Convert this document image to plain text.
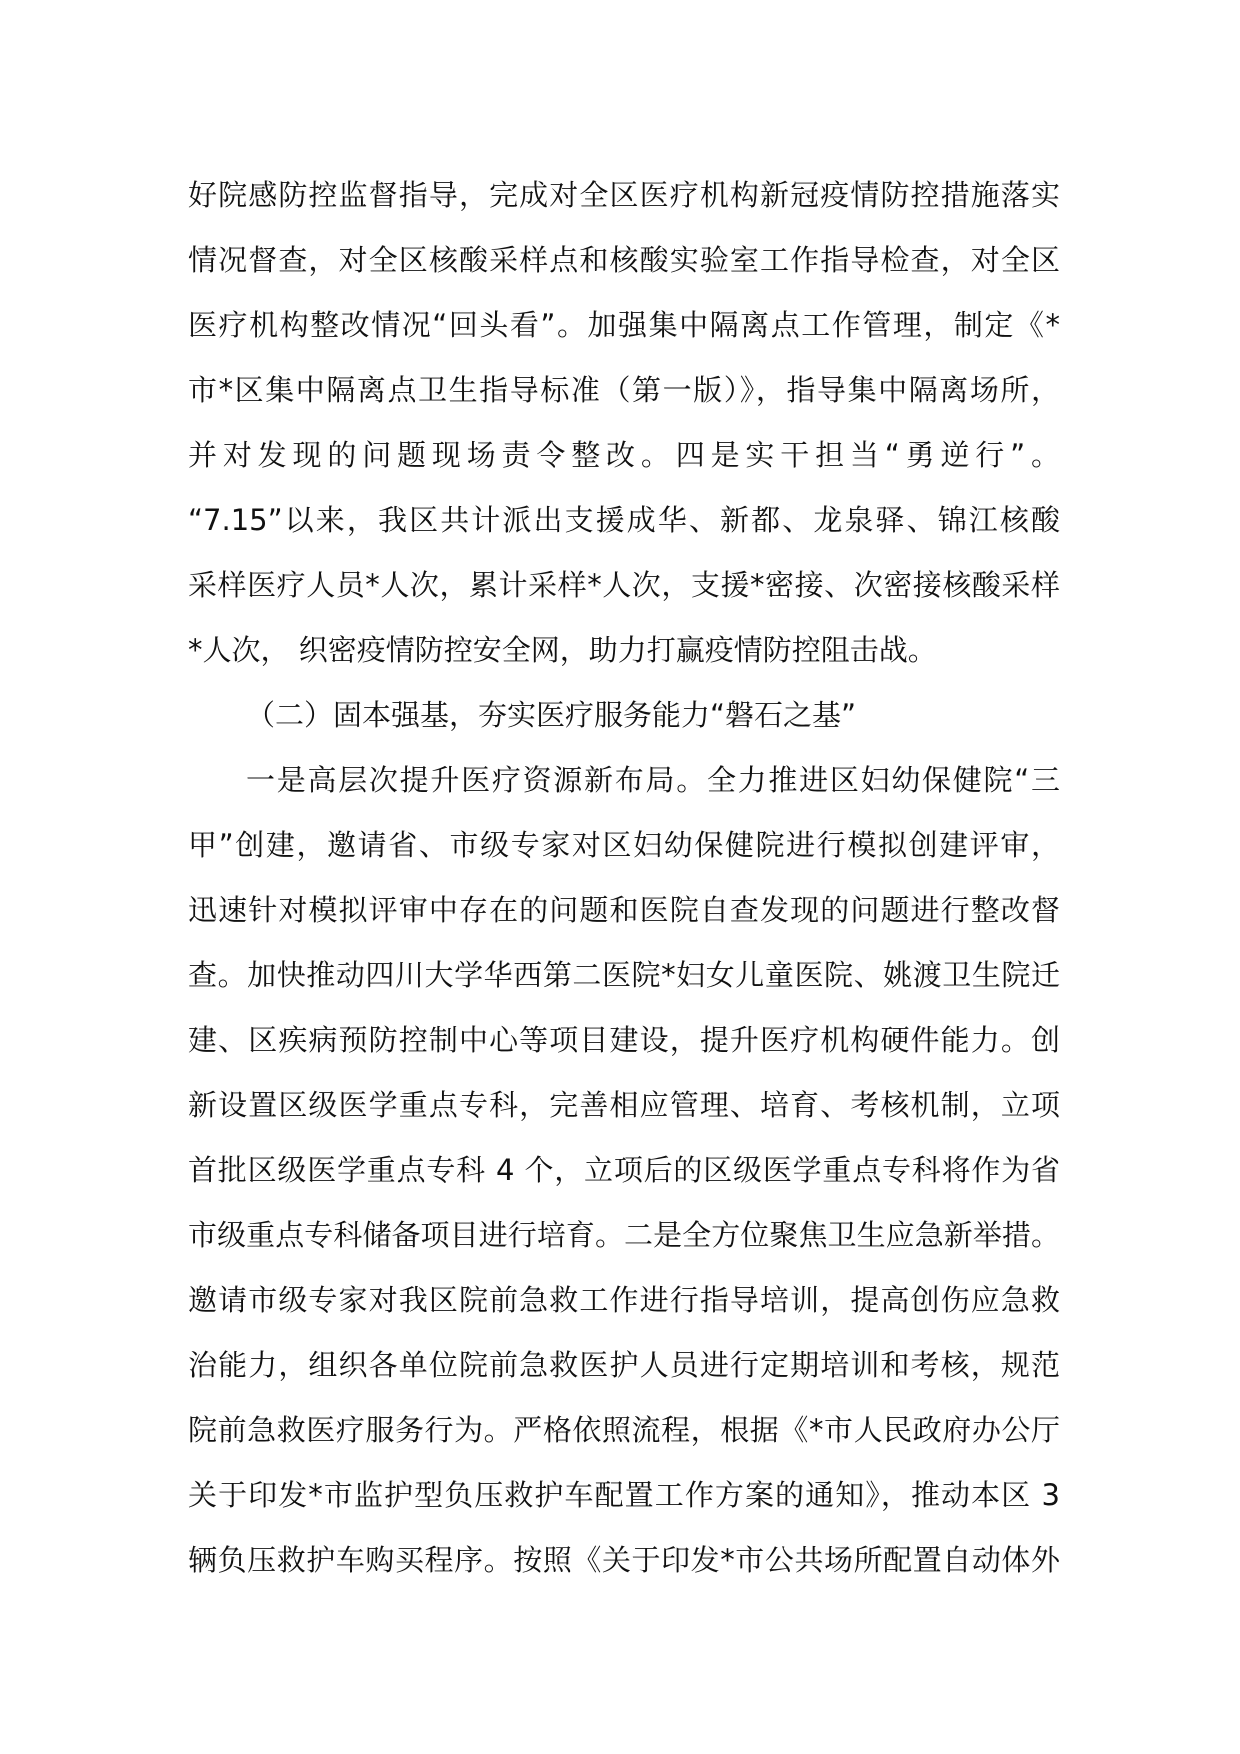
好院感防控监督指导，完成对全区医疗机构新冠疫情防控措施落实
情况督查，对全区核酸采样点和核酸实验室工作指导检查，对全区
医疗机构整改情况“回头看”。加强集中隔离点工作管理，制定《*
市*区集中隔离点卫生指导标准（第一版）》，指导集中隔离场所，
并对发现的问题现场责令整改。四是实干担当“勇逆行”。
“7.15”以来，我区共计派出支援成华、新都、龙泉驿、锦江核酸
采样医疗人员*人次，累计采样*人次，支援*密接、次密接核酸采样
*人次， 织密疫情防控安全网，助力打赢疫情防控阻击战。
（二）固本强基，夯实医疗服务能力“磐石之基”
一是高层次提升医疗资源新布局。全力推进区妇幼保健院“三
甲”创建，邀请省、市级专家对区妇幼保健院进行模拟创建评审，
迅速针对模拟评审中存在的问题和医院自查发现的问题进行整改督
查。加快推动四川大学华西第二医院*妇女儿童医院、姚渡卫生院迁
建、区疾病预防控制中心等项目建设，提升医疗机构硬件能力。创
新设置区级医学重点专科，完善相应管理、培育、考核机制，立项
首批区级医学重点专科 4 个，立项后的区级医学重点专科将作为省
市级重点专科储备项目进行培育。二是全方位聚焦卫生应急新举措。
邀请市级专家对我区院前急救工作进行指导培训，提高创伤应急救
治能力，组织各单位院前急救医护人员进行定期培训和考核，规范
院前急救医疗服务行为。严格依照流程，根据《*市人民政府办公厅
关于印发*市监护型负压救护车配置工作方案的通知》，推动本区 3
辆负压救护车购买程序。按照《关于印发*市公共场所配置自动体外
